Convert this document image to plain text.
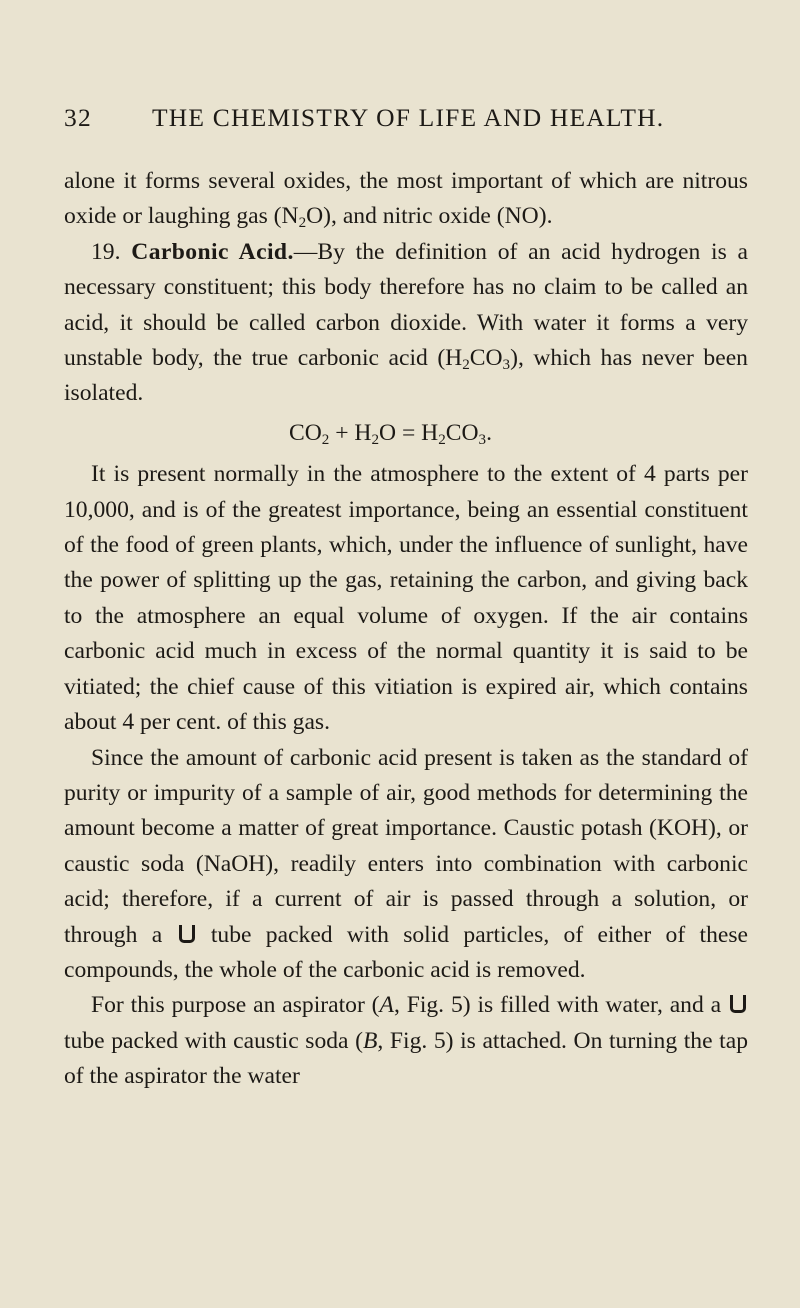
32	THE CHEMISTRY OF LIFE AND HEALTH.

alone it forms several oxides, the most important of which are nitrous oxide or laughing gas $(N_2O)$, and nitric oxide (NO).

19. Carbonic Acid.—By the definition of an acid hydrogen is a necessary constituent; this body therefore has no claim to be called an acid, it should be called carbon dioxide. With water it forms a very unstable body, the true carbonic acid $(H_2CO_3)$, which has never been isolated.

$CO_2 + H_2O = H_2CO_3$.

It is present normally in the atmosphere to the extent of 4 parts per 10,000, and is of the greatest importance, being an essential constituent of the food of green plants, which, under the influence of sunlight, have the power of splitting up the gas, retaining the carbon, and giving back to the atmosphere an equal volume of oxygen. If the air contains carbonic acid much in excess of the normal quantity it is said to be vitiated; the chief cause of this vitiation is expired air, which contains about 4 per cent. of this gas.

Since the amount of carbonic acid present is taken as the standard of purity or impurity of a sample of air, good methods for determining the amount become a matter of great importance. Caustic potash (KOH), or caustic soda (NaOH), readily enters into combination with carbonic acid; therefore, if a current of air is passed through a solution, or through a tube packed with solid particles, of either of these compounds, the whole of the carbonic acid is removed.

For this purpose an aspirator (A, Fig. 5) is filled with water, and a  tube packed with caustic soda (B, Fig. 5) is attached. On turning the tap of the aspirator the water
